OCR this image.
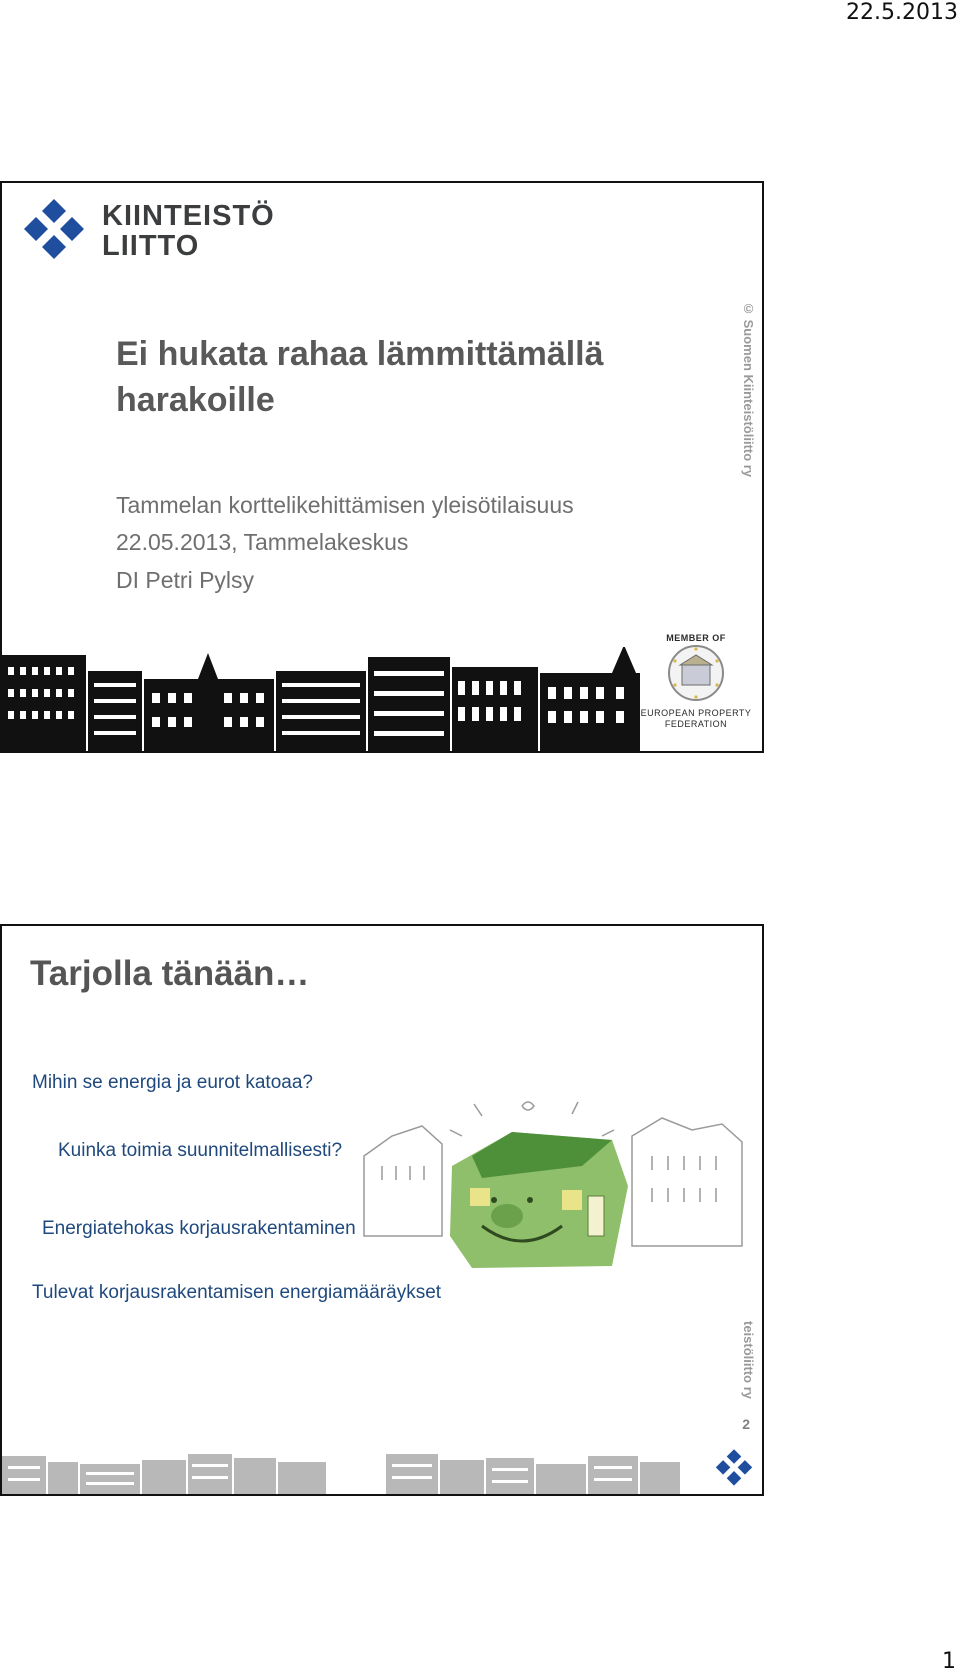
22.5.2013
KIINTEISTÖ
LIITTO
Ei hukata rahaa lämmittämällä harakoille

Tammelan korttelikehittämisen yleisötilaisuus

22.05.2013, Tammelakeskus

DI Petri Pylsy

© Suomen Kiinteistöliitto ry
MEMBER OF
EUROPEAN PROPERTY
FEDERATION
Tarjolla tänään…

Mihin se energia ja eurot katoaa?

Kuinka toimia suunnitelmallisesti?

Energiatehokas korjausrakentaminen

Tulevat korjausrakentamisen energiamääräykset

teistöliitto ry
2
1
